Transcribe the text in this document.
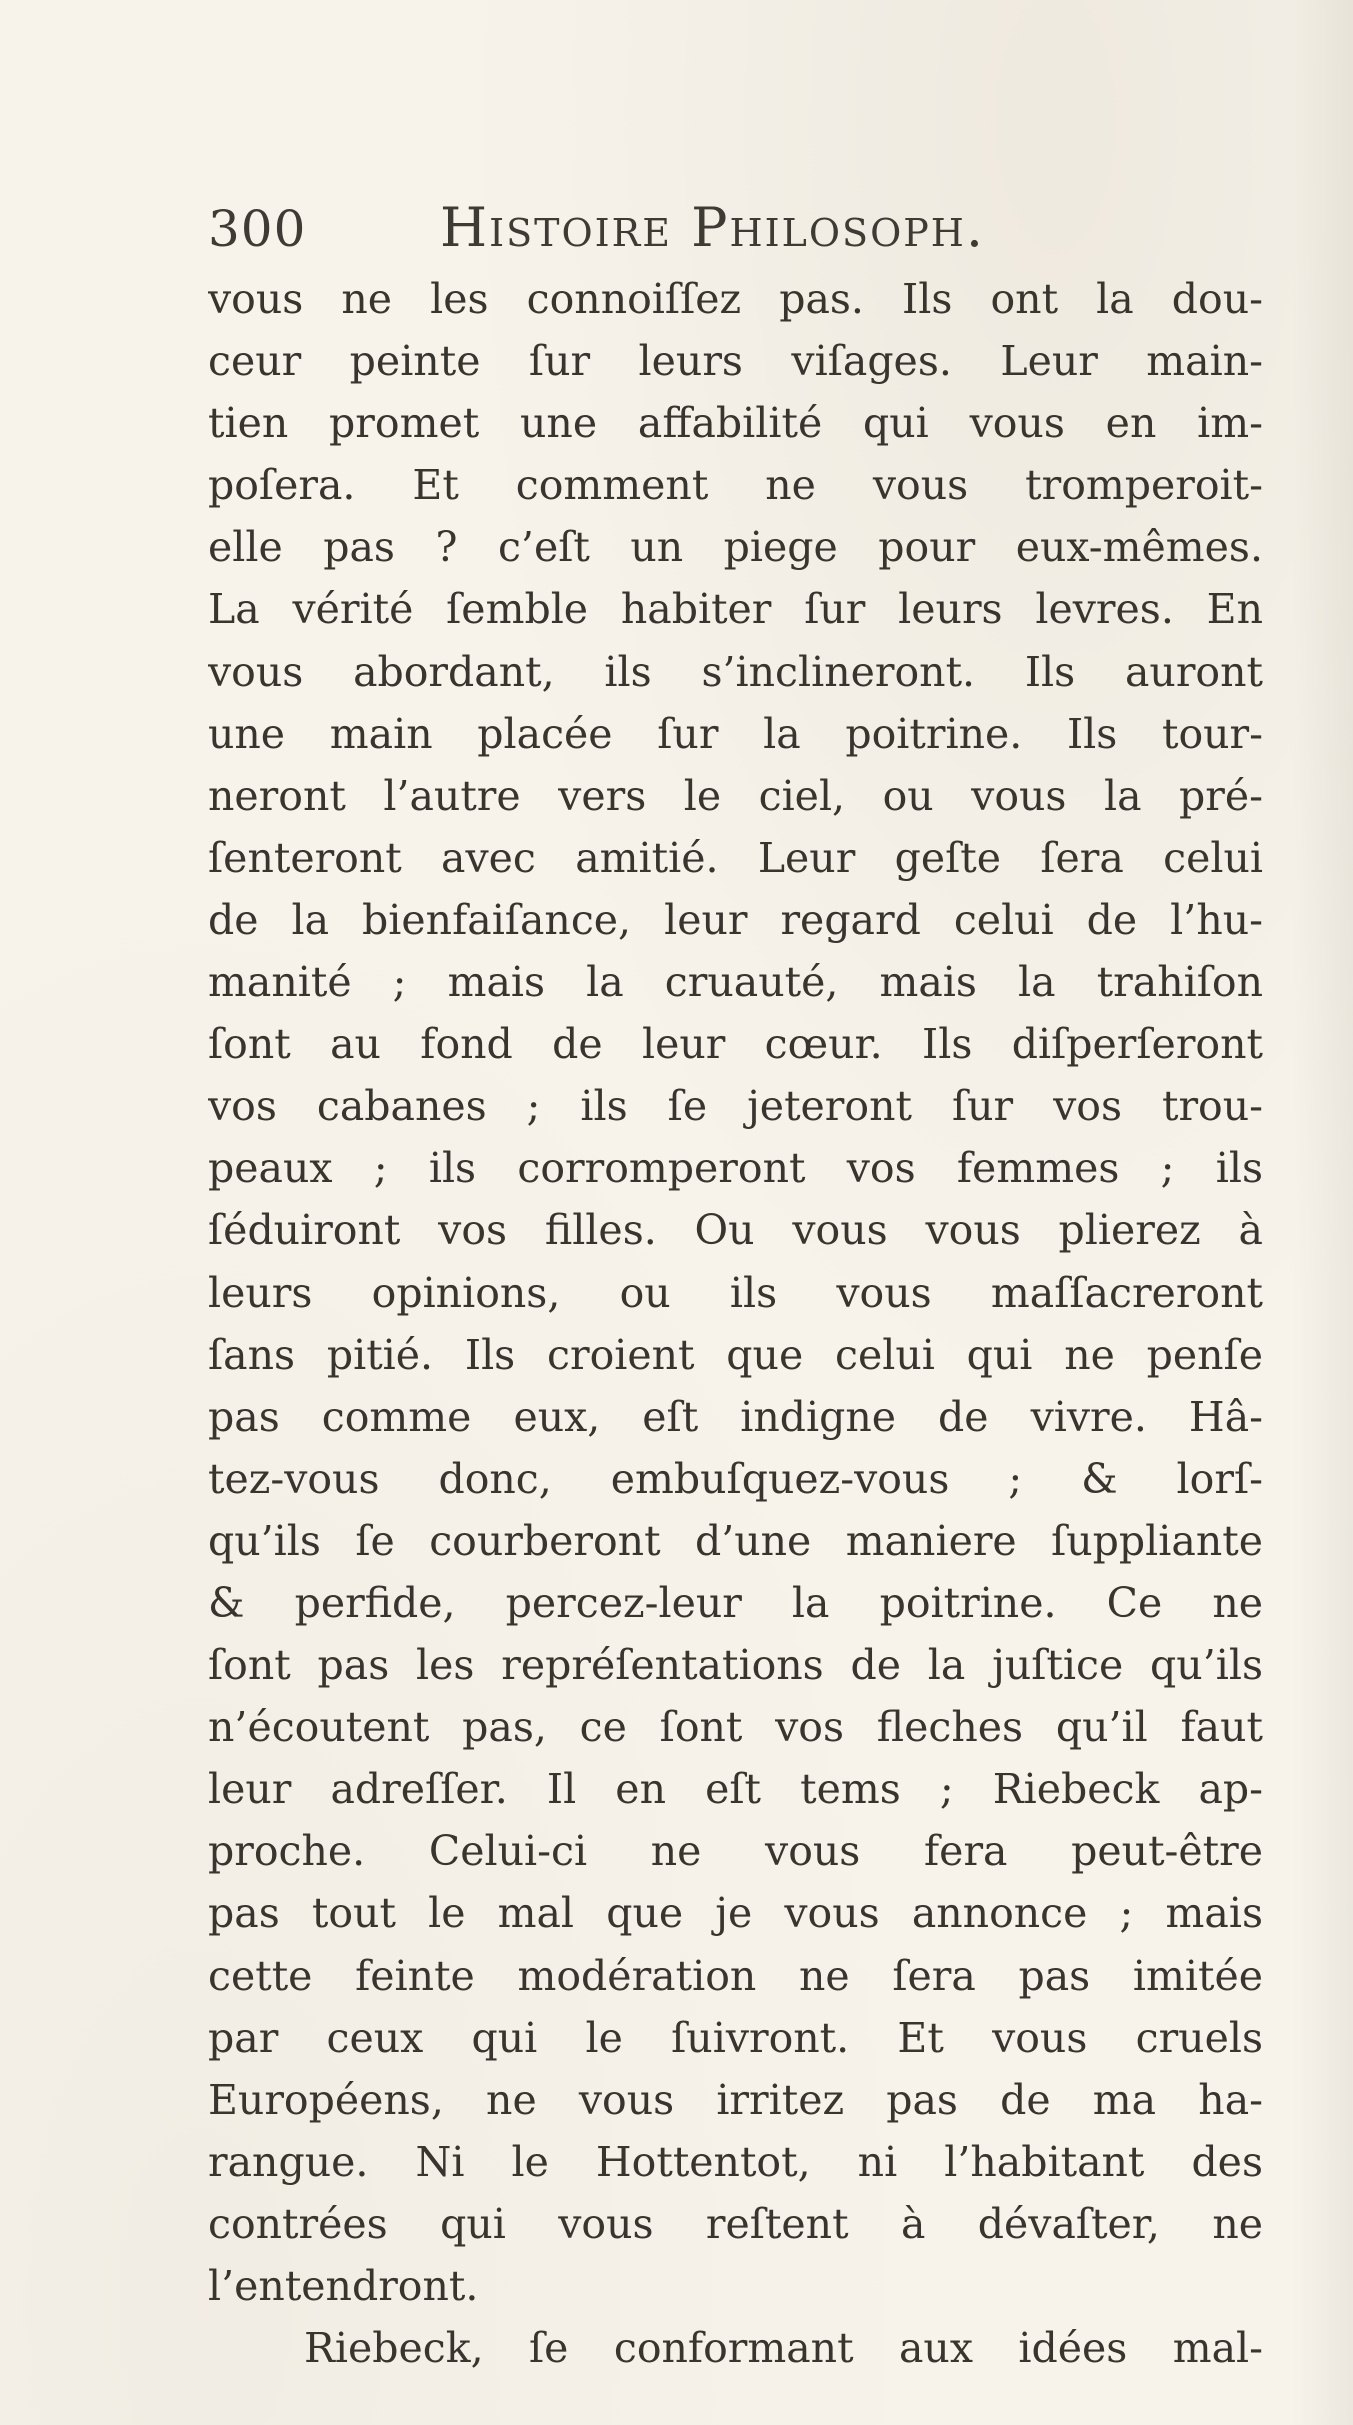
300 Histoire Philosoph.
vous ne les connoiſſez pas. Ils ont la dou-
ceur peinte ſur leurs viſages. Leur main-
tien promet une affabilité qui vous en im-
poſera. Et comment ne vous tromperoit-
elle pas ? c’eſt un piege pour eux-mêmes.
La vérité ſemble habiter ſur leurs levres. En
vous abordant, ils s’inclineront. Ils auront
une main placée ſur la poitrine. Ils tour-
neront l’autre vers le ciel, ou vous la pré-
ſenteront avec amitié. Leur geſte ſera celui
de la bienfaiſance, leur regard celui de l’hu-
manité ; mais la cruauté, mais la trahiſon
ſont au fond de leur cœur. Ils diſperſeront
vos cabanes ; ils ſe jeteront ſur vos trou-
peaux ; ils corromperont vos femmes ; ils
ſéduiront vos filles. Ou vous vous plierez à
leurs opinions, ou ils vous maſſacreront
ſans pitié. Ils croient que celui qui ne penſe
pas comme eux, eſt indigne de vivre. Hâ-
tez-vous donc, embuſquez-vous ; & lorſ-
qu’ils ſe courberont d’une maniere ſuppliante
& perfide, percez-leur la poitrine. Ce ne
ſont pas les repréſentations de la juſtice qu’ils
n’écoutent pas, ce ſont vos fleches qu’il faut
leur adreſſer. Il en eſt tems ; Riebeck ap-
proche. Celui-ci ne vous fera peut-être
pas tout le mal que je vous annonce ; mais
cette feinte modération ne ſera pas imitée
par ceux qui le ſuivront. Et vous cruels
Européens, ne vous irritez pas de ma ha-
rangue. Ni le Hottentot, ni l’habitant des
contrées qui vous reſtent à dévaſter, ne
l’entendront.
Riebeck, ſe conformant aux idées mal-
